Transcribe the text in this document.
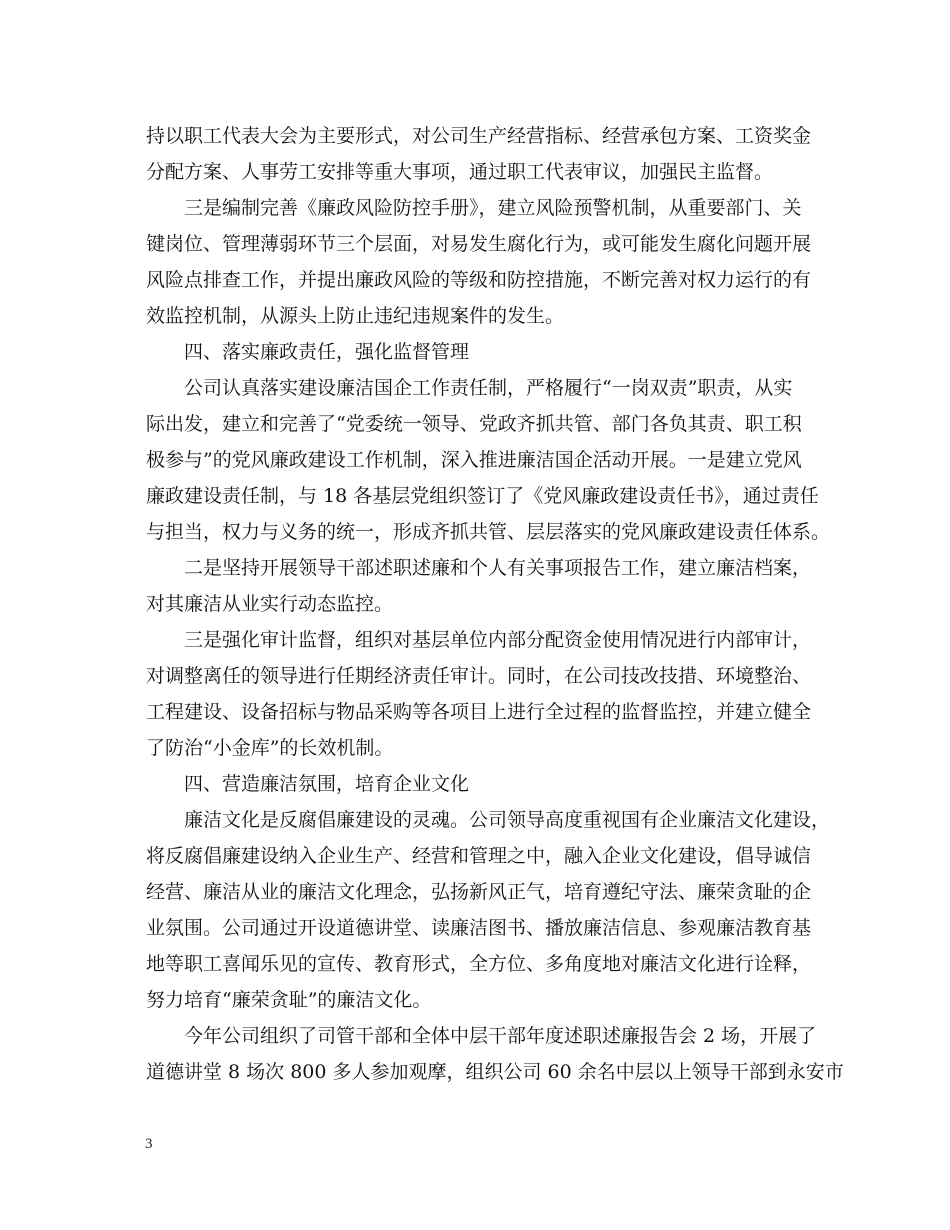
持以职工代表大会为主要形式，对公司生产经营指标、经营承包方案、工资奖金
分配方案、人事劳工安排等重大事项，通过职工代表审议，加强民主监督。
三是编制完善《廉政风险防控手册》，建立风险预警机制，从重要部门、关
键岗位、管理薄弱环节三个层面，对易发生腐化行为，或可能发生腐化问题开展
风险点排查工作，并提出廉政风险的等级和防控措施，不断完善对权力运行的有
效监控机制，从源头上防止违纪违规案件的发生。
四、落实廉政责任，强化监督管理
公司认真落实建设廉洁国企工作责任制，严格履行“一岗双责”职责，从实
际出发，建立和完善了“党委统一领导、党政齐抓共管、部门各负其责、职工积
极参与”的党风廉政建设工作机制，深入推进廉洁国企活动开展。一是建立党风
廉政建设责任制，与 18 各基层党组织签订了《党风廉政建设责任书》，通过责任
与担当，权力与义务的统一，形成齐抓共管、层层落实的党风廉政建设责任体系。
二是坚持开展领导干部述职述廉和个人有关事项报告工作，建立廉洁档案，
对其廉洁从业实行动态监控。
三是强化审计监督，组织对基层单位内部分配资金使用情况进行内部审计，
对调整离任的领导进行任期经济责任审计。同时，在公司技改技措、环境整治、
工程建设、设备招标与物品采购等各项目上进行全过程的监督监控，并建立健全
了防治“小金库”的长效机制。
四、营造廉洁氛围，培育企业文化
廉洁文化是反腐倡廉建设的灵魂。公司领导高度重视国有企业廉洁文化建设，
将反腐倡廉建设纳入企业生产、经营和管理之中，融入企业文化建设，倡导诚信
经营、廉洁从业的廉洁文化理念，弘扬新风正气，培育遵纪守法、廉荣贪耻的企
业氛围。公司通过开设道德讲堂、读廉洁图书、播放廉洁信息、参观廉洁教育基
地等职工喜闻乐见的宣传、教育形式，全方位、多角度地对廉洁文化进行诠释，
努力培育“廉荣贪耻”的廉洁文化。
今年公司组织了司管干部和全体中层干部年度述职述廉报告会 2 场，开展了
道德讲堂 8 场次 800 多人参加观摩，组织公司 60 余名中层以上领导干部到永安市
3
